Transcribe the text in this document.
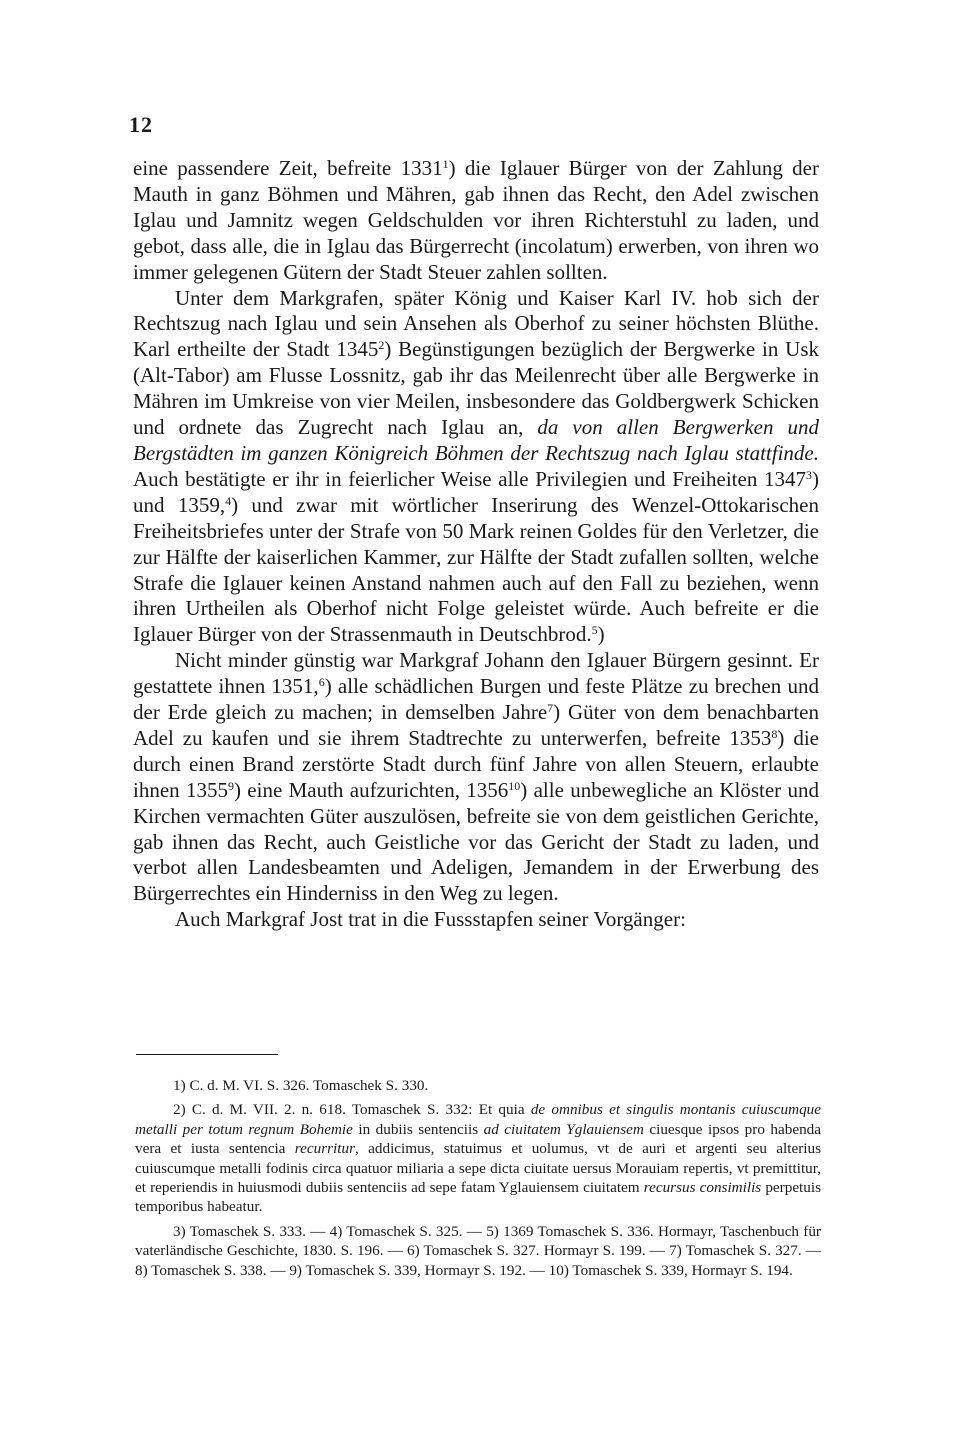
12

eine passendere Zeit, befreite 1331$^1$) die Iglauer Bürger von der Zahlung der Mauth in ganz Böhmen und Mähren, gab ihnen das Recht, den Adel zwischen Iglau und Jamnitz wegen Geldschulden vor ihren Richterstuhl zu laden, und gebot, dass alle, die in Iglau das Bürgerrecht (incolatum) erwerben, von ihren wo immer gelegenen Gütern der Stadt Steuer zahlen sollten.

Unter dem Markgrafen, später König und Kaiser Karl IV. hob sich der Rechtszug nach Iglau und sein Ansehen als Oberhof zu seiner höchsten Blüthe. Karl ertheilte der Stadt 1345$^2$) Begünstigungen bezüglich der Bergwerke in Usk (Alt-Tabor) am Flusse Lossnitz, gab ihr das Meilenrecht über alle Bergwerke in Mähren im Umkreise von vier Meilen, insbesondere das Goldbergwerk Schicken und ordnete das Zugrecht nach Iglau an, da von allen Bergwerken und Bergstädten im ganzen Königreich Böhmen der Rechtszug nach Iglau stattfinde. Auch bestätigte er ihr in feierlicher Weise alle Privilegien und Freiheiten 1347$^3$) und 1359,$^4$) und zwar mit wörtlicher Inserirung des Wenzel-Ottokarischen Freiheitsbriefes unter der Strafe von 50 Mark reinen Goldes für den Verletzer, die zur Hälfte der kaiserlichen Kammer, zur Hälfte der Stadt zufallen sollten, welche Strafe die Iglauer keinen Anstand nahmen auch auf den Fall zu beziehen, wenn ihren Urtheilen als Oberhof nicht Folge geleistet würde. Auch befreite er die Iglauer Bürger von der Strassenmauth in Deutschbrod.$^5$)

Nicht minder günstig war Markgraf Johann den Iglauer Bürgern gesinnt. Er gestattete ihnen 1351,$^6$) alle schädlichen Burgen und feste Plätze zu brechen und der Erde gleich zu machen; in demselben Jahre$^7$) Güter von dem benachbarten Adel zu kaufen und sie ihrem Stadtrechte zu unterwerfen, befreite 1353$^8$) die durch einen Brand zerstörte Stadt durch fünf Jahre von allen Steuern, erlaubte ihnen 1355$^9$) eine Mauth aufzurichten, 1356$^{10}$) alle unbewegliche an Klöster und Kirchen vermachten Güter auszulösen, befreite sie von dem geistlichen Gerichte, gab ihnen das Recht, auch Geistliche vor das Gericht der Stadt zu laden, und verbot allen Landesbeamten und Adeligen, Jemandem in der Erwerbung des Bürgerrechtes ein Hinderniss in den Weg zu legen.

Auch Markgraf Jost trat in die Fussstapfen seiner Vorgänger:

1) C. d. M. VI. S. 326. Tomaschek S. 330.

2) C. d. M. VII. 2. n. 618. Tomaschek S. 332: Et quia de omnibus et singulis montanis cuiuscumque metalli per totum regnum Bohemie in dubiis sentenciis ad ciuitatem Yglauiensem ciuesque ipsos pro habenda vera et iusta sentencia recurritur, addicimus, statuimus et uolumus, vt de auri et argenti seu alterius cuiuscumque metalli fodinis circa quatuor miliaria a sepe dicta ciuitate uersus Morauiam repertis, vt premittitur, et reperiendis in huiusmodi dubiis sentenciis ad sepe fatam Yglauiensem ciuitatem recursus consimilis perpetuis temporibus habeatur.

3) Tomaschek S. 333. — 4) Tomaschek S. 325. — 5) 1369 Tomaschek S. 336. Hormayr, Taschenbuch für vaterländische Geschichte, 1830. S. 196. — 6) Tomaschek S. 327. Hormayr S. 199. — 7) Tomaschek S. 327. — 8) Tomaschek S. 338. — 9) Tomaschek S. 339, Hormayr S. 192. — 10) Tomaschek S. 339, Hormayr S. 194.
